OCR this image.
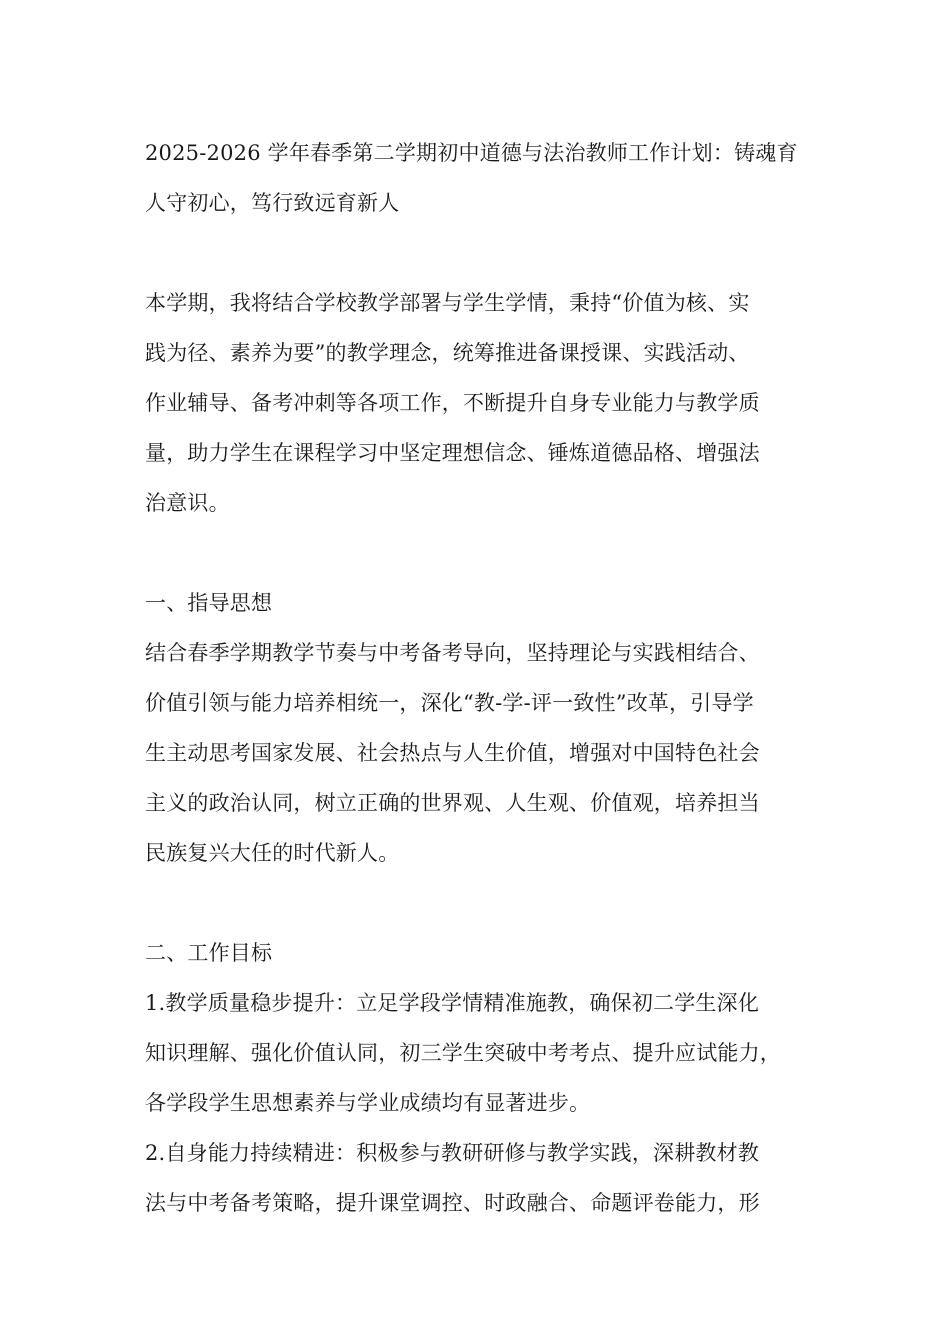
2025-2026 学年春季第二学期初中道德与法治教师工作计划：铸魂育
人守初心，笃行致远育新人
本学期，我将结合学校教学部署与学生学情，秉持“价值为核、实
践为径、素养为要”的教学理念，统筹推进备课授课、实践活动、
作业辅导、备考冲刺等各项工作，不断提升自身专业能力与教学质
量，助力学生在课程学习中坚定理想信念、锤炼道德品格、增强法
治意识。
一、指导思想
结合春季学期教学节奏与中考备考导向，坚持理论与实践相结合、
价值引领与能力培养相统一，深化“教-学-评一致性”改革，引导学
生主动思考国家发展、社会热点与人生价值，增强对中国特色社会
主义的政治认同，树立正确的世界观、人生观、价值观，培养担当
民族复兴大任的时代新人。
二、工作目标
1.教学质量稳步提升：立足学段学情精准施教，确保初二学生深化
知识理解、强化价值认同，初三学生突破中考考点、提升应试能力，
各学段学生思想素养与学业成绩均有显著进步。
2.自身能力持续精进：积极参与教研研修与教学实践，深耕教材教
法与中考备考策略，提升课堂调控、时政融合、命题评卷能力，形
